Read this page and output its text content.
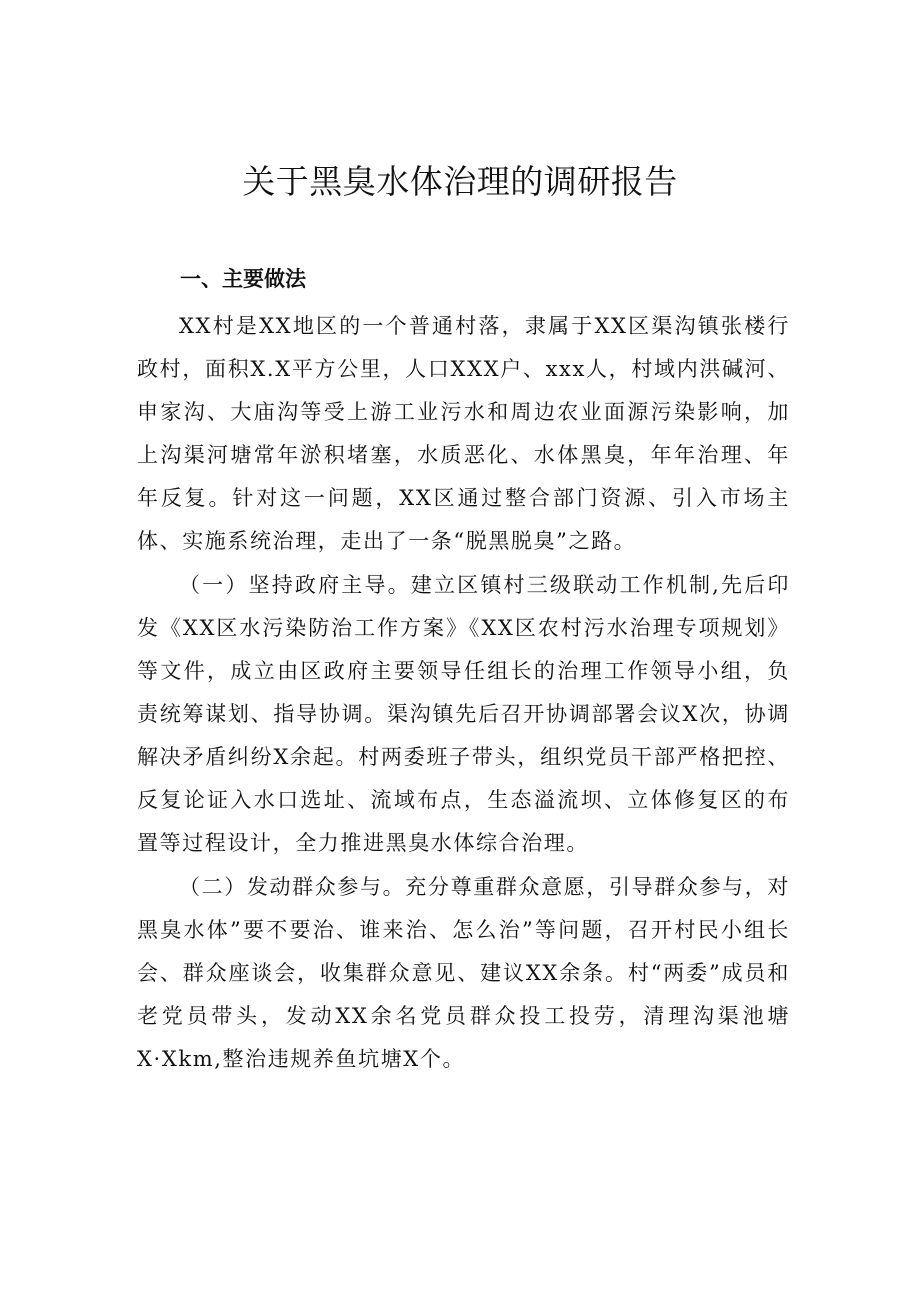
关于黑臭水体治理的调研报告
一、主要做法

XX村是XX地区的一个普通村落，隶属于XX区渠沟镇张楼行政村，面积X.X平方公里，人口XXX户、xxx人，村域内洪碱河、申家沟、大庙沟等受上游工业污水和周边农业面源污染影响，加上沟渠河塘常年淤积堵塞，水质恶化、水体黑臭，年年治理、年年反复。针对这一问题，XX区通过整合部门资源、引入市场主体、实施系统治理，走出了一条“脱黑脱臭”之路。

（一）坚持政府主导。建立区镇村三级联动工作机制,先后印发《XX区水污染防治工作方案》《XX区农村污水治理专项规划》等文件，成立由区政府主要领导任组长的治理工作领导小组，负责统筹谋划、指导协调。渠沟镇先后召开协调部署会议X次，协调解决矛盾纠纷X余起。村两委班子带头，组织党员干部严格把控、反复论证入水口选址、流域布点，生态溢流坝、立体修复区的布置等过程设计，全力推进黑臭水体综合治理。

（二）发动群众参与。充分尊重群众意愿，引导群众参与，对黑臭水体”要不要治、谁来治、怎么治”等问题，召开村民小组长会、群众座谈会，收集群众意见、建议XX余条。村“两委”成员和老党员带头，发动XX余名党员群众投工投劳，清理沟渠池塘X·Xkm,整治违规养鱼坑塘X个。
